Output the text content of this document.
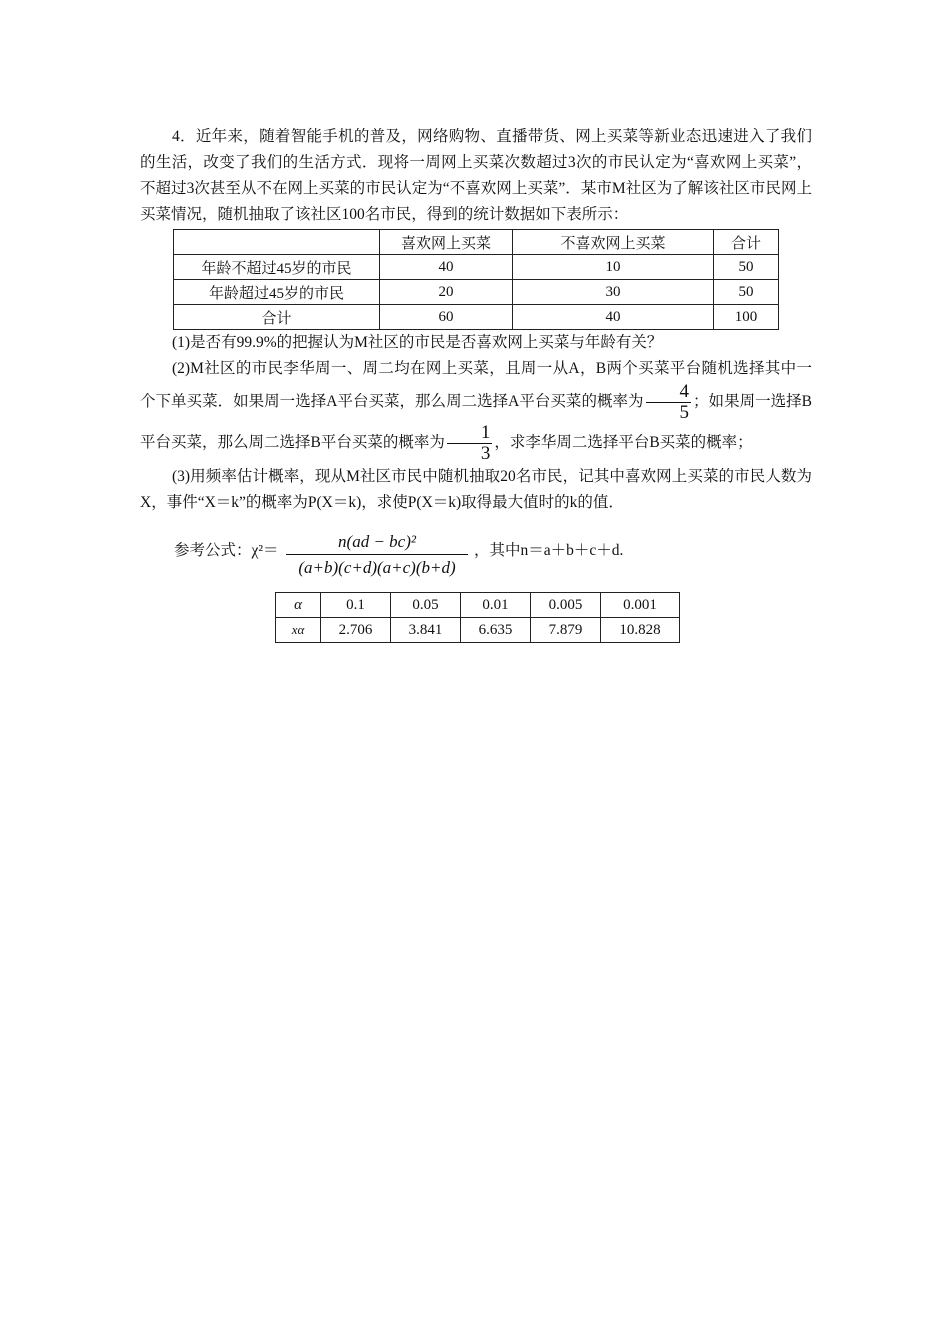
4．近年来，随着智能手机的普及，网络购物、直播带货、网上买菜等新业态迅速进入了我们的生活，改变了我们的生活方式．现将一周网上买菜次数超过3次的市民认定为“喜欢网上买菜”，不超过3次甚至从不在网上买菜的市民认定为“不喜欢网上买菜”．某市M社区为了解该社区市民网上买菜情况，随机抽取了该社区100名市民，得到的统计数据如下表所示：

	喜欢网上买菜	不喜欢网上买菜	合计
年龄不超过45岁的市民	40	10	50
年龄超过45岁的市民	20	30	50
合计	60	40	100

(1)是否有99.9%的把握认为M社区的市民是否喜欢网上买菜与年龄有关？

(2)M社区的市民李华周一、周二均在网上买菜，且周一从A，B两个买菜平台随机选择其中一个下单买菜．如果周一选择A平台买菜，那么周二选择A平台买菜的概率为 $\frac{4}{5}$ ；如果周一选择B平台买菜，那么周二选择B平台买菜的概率为 $\frac{1}{3}$ ，求李华周二选择平台B买菜的概率；

(3)用频率估计概率，现从M社区市民中随机抽取20名市民，记其中喜欢网上买菜的市民人数为X，事件“X＝k”的概率为P(X＝k)，求使P(X＝k)取得最大值时的k的值．

参考公式：$\chi^2= \frac{\text{n(ad − bc)²}}{(a+b)(c+d)(a+c)(b+d)}$ ，其中n＝a＋b＋c＋d.
α	0.1	0.05	0.01	0.005	0.001
xα	2.706	3.841	6.635	7.879	10.828
